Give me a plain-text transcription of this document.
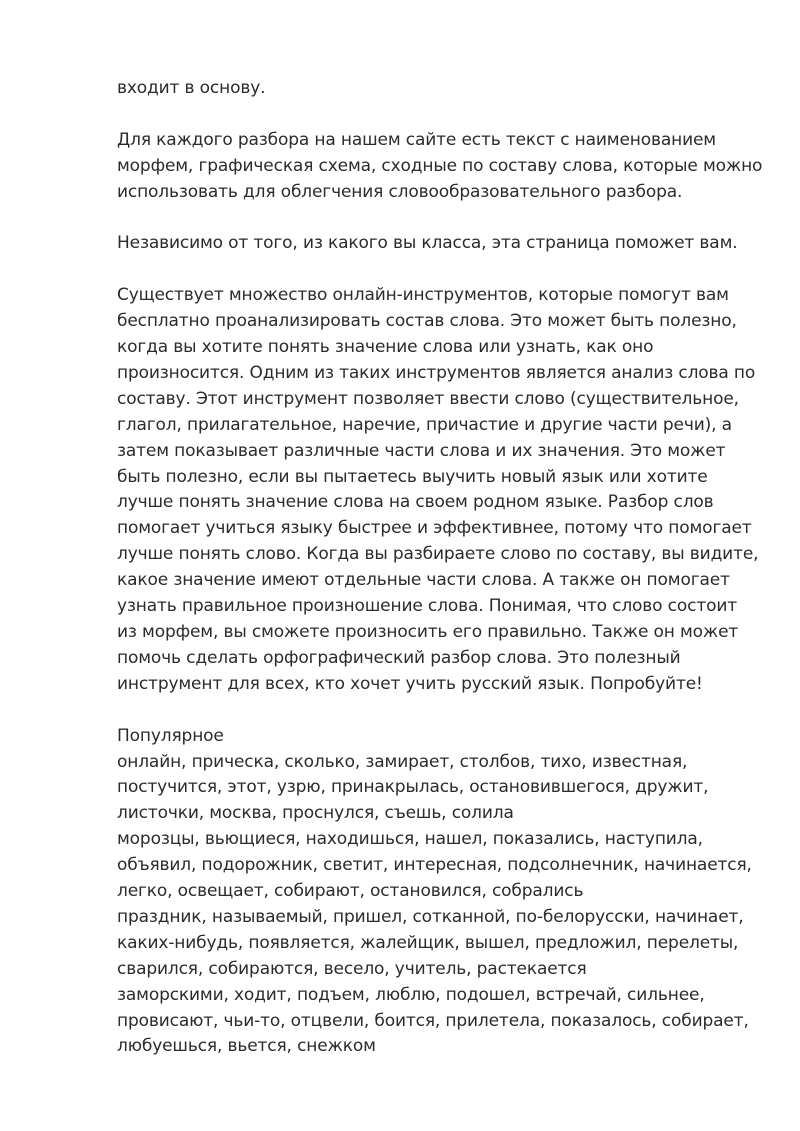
входит в основу.
Для каждого разбора на нашем сайте есть текст с наименованием
морфем, графическая схема, сходные по составу слова, которые можно
использовать для облегчения словообразовательного разбора.
Независимо от того, из какого вы класса, эта страница поможет вам.
Существует множество онлайн-инструментов, которые помогут вам
бесплатно проанализировать состав слова. Это может быть полезно,
когда вы хотите понять значение слова или узнать, как оно
произносится. Одним из таких инструментов является анализ слова по
составу. Этот инструмент позволяет ввести слово (существительное,
глагол, прилагательное, наречие, причастие и другие части речи), а
затем показывает различные части слова и их значения. Это может
быть полезно, если вы пытаетесь выучить новый язык или хотите
лучше понять значение слова на своем родном языке. Разбор слов
помогает учиться языку быстрее и эффективнее, потому что помогает
лучше понять слово. Когда вы разбираете слово по составу, вы видите,
какое значение имеют отдельные части слова. А также он помогает
узнать правильное произношение слова. Понимая, что слово состоит
из морфем, вы сможете произносить его правильно. Также он может
помочь сделать орфографический разбор слова. Это полезный
инструмент для всех, кто хочет учить русский язык. Попробуйте!
Популярное
онлайн, прическа, сколько, замирает, столбов, тихо, известная,
постучится, этот, узрю, принакрылась, остановившегося, дружит,
листочки, москва, проснулся, съешь, солила
морозцы, вьющиеся, находишься, нашел, показались, наступила,
объявил, подорожник, светит, интересная, подсолнечник, начинается,
легко, освещает, собирают, остановился, собрались
праздник, называемый, пришел, сотканной, по-белорусски, начинает,
каких-нибудь, появляется, жалейщик, вышел, предложил, перелеты,
сварился, собираются, весело, учитель, растекается
заморскими, ходит, подъем, люблю, подошел, встречай, сильнее,
провисают, чьи-то, отцвели, боится, прилетела, показалось, собирает,
любуешься, вьется, снежком
